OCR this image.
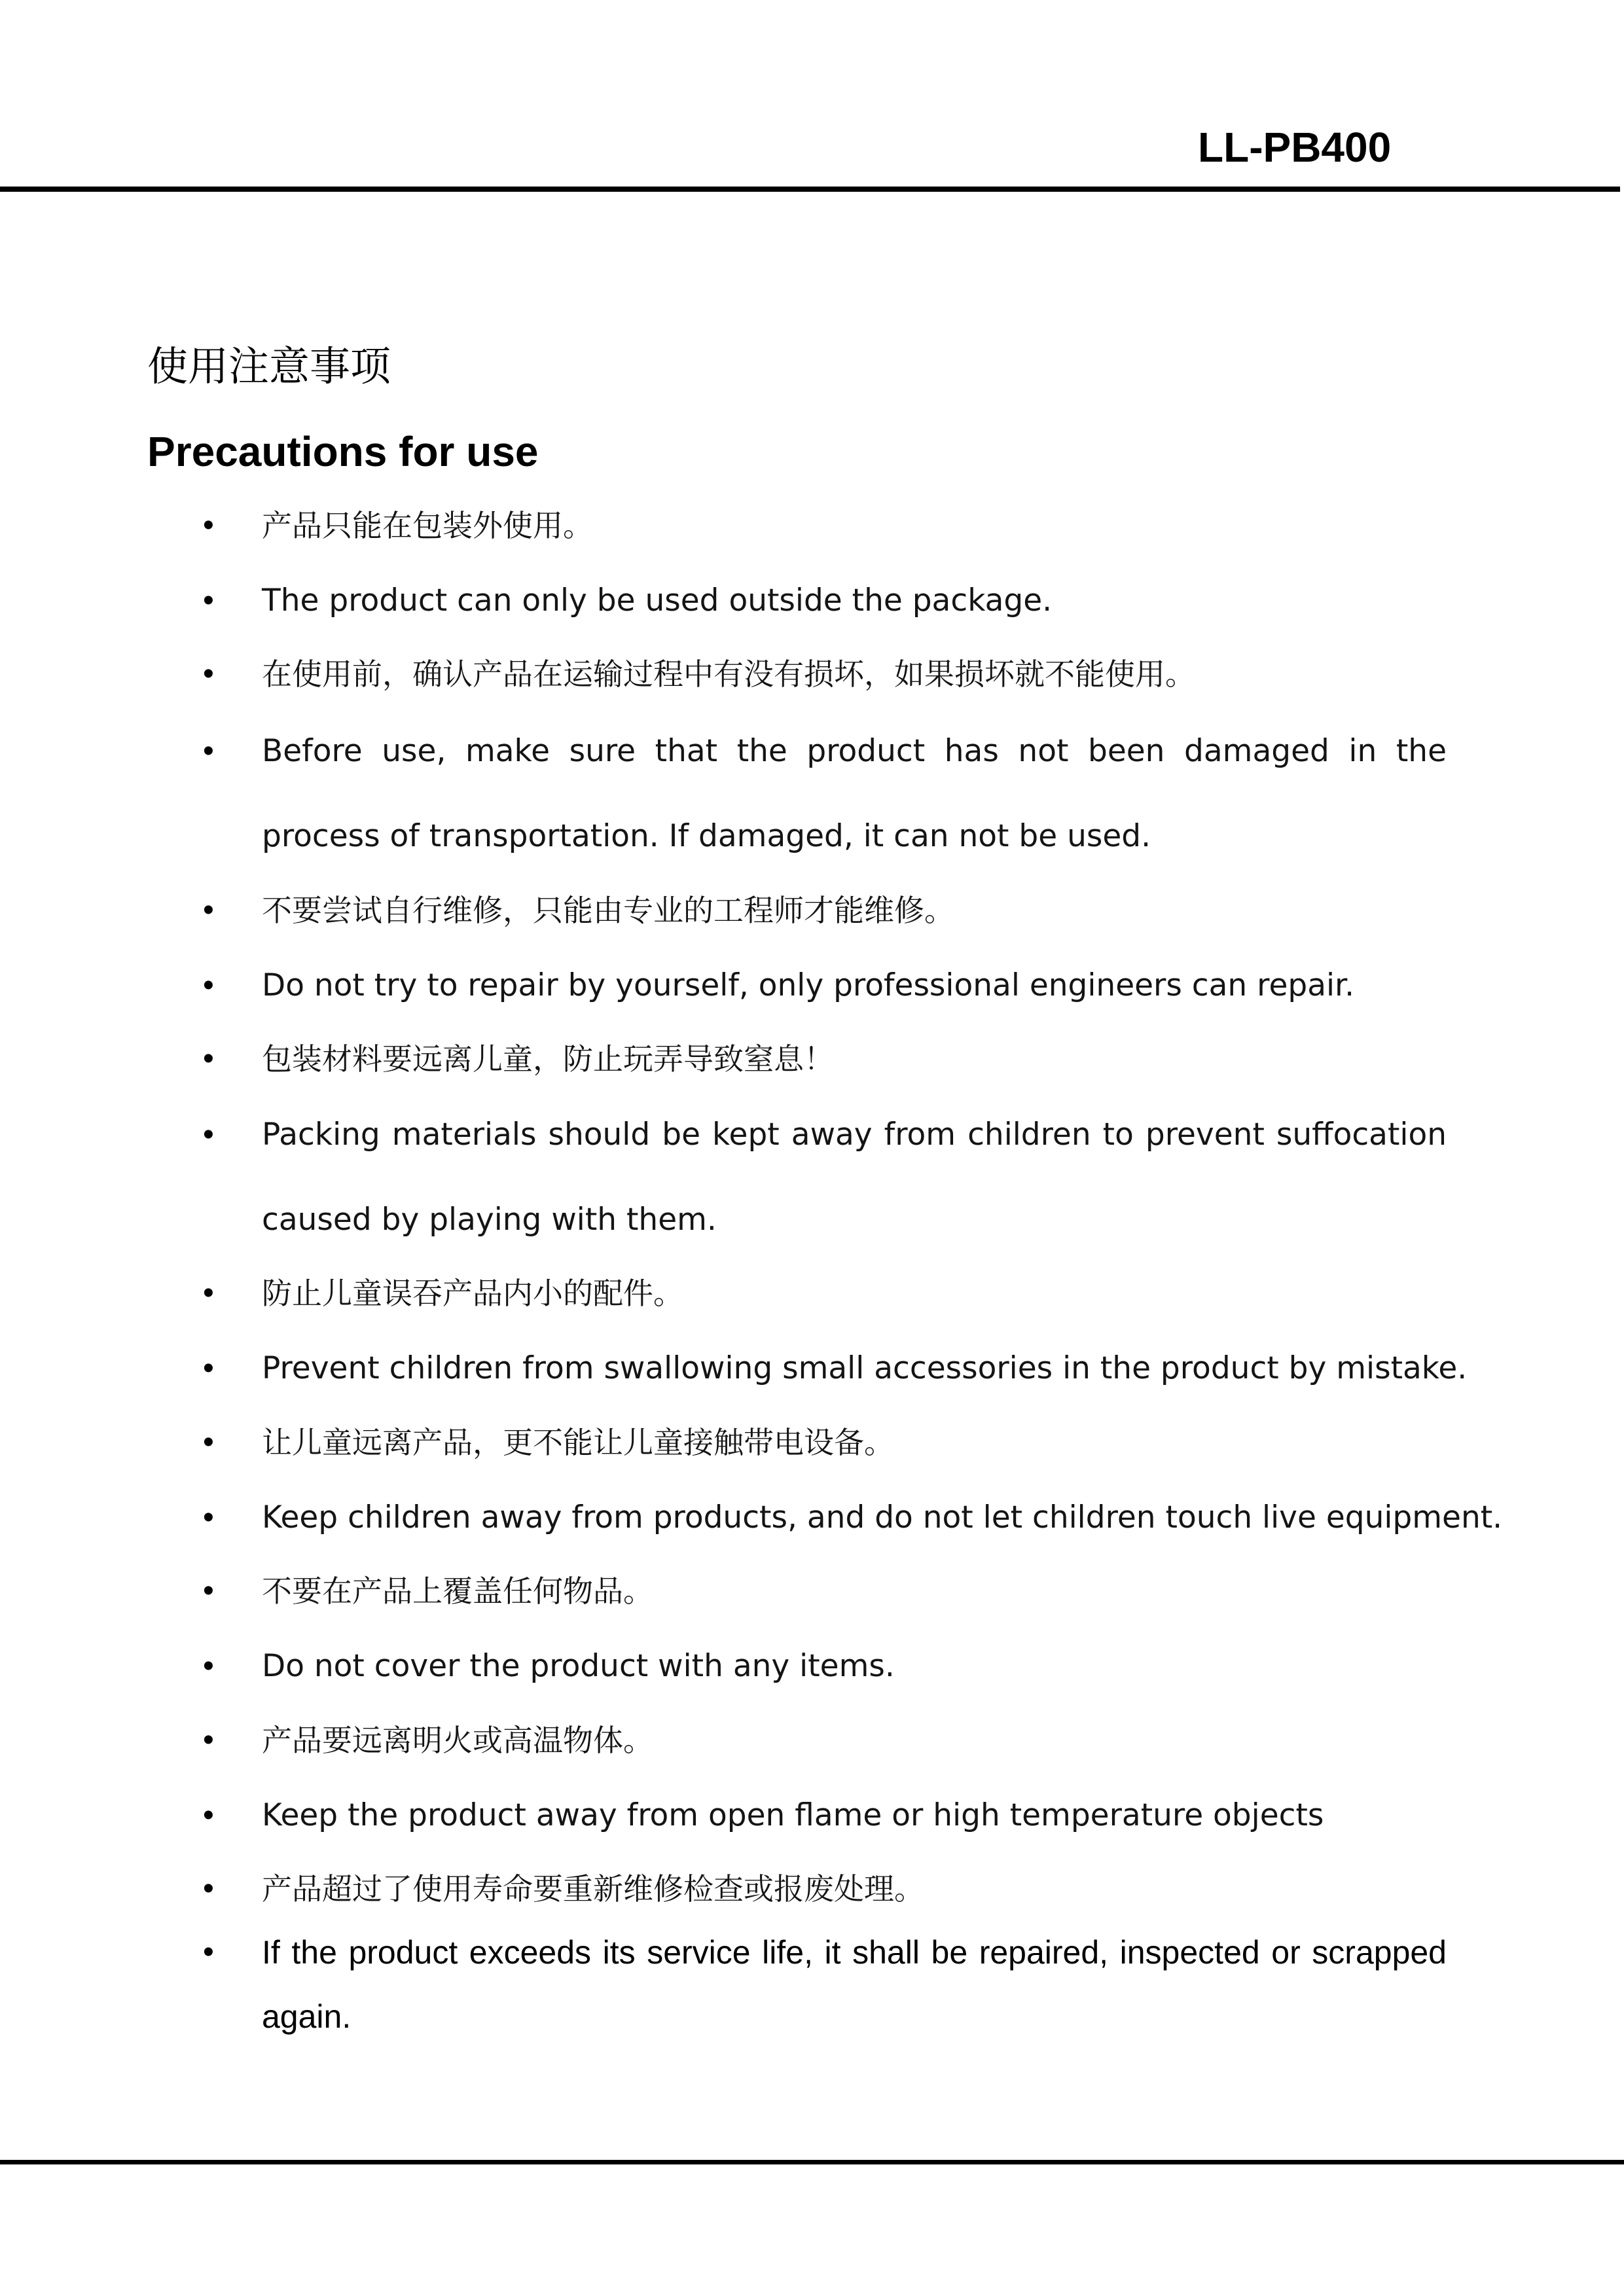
LL-PB400
使用注意事项
Precautions for use
• 产品只能在包装外使用。
• The product can only be used outside the package.
• 在使用前，确认产品在运输过程中有没有损坏，如果损坏就不能使用。
• Before use, make sure that the product has not been damaged in the process of transportation. If damaged, it can not be used.
• 不要尝试自行维修，只能由专业的工程师才能维修。
• Do not try to repair by yourself, only professional engineers can repair.
• 包装材料要远离儿童，防止玩弄导致窒息！
• Packing materials should be kept away from children to prevent suffocation caused by playing with them.
• 防止儿童误吞产品内小的配件。
• Prevent children from swallowing small accessories in the product by mistake.
• 让儿童远离产品，更不能让儿童接触带电设备。
• Keep children away from products, and do not let children touch live equipment.
• 不要在产品上覆盖任何物品。
• Do not cover the product with any items.
• 产品要远离明火或高温物体。
• Keep the product away from open flame or high temperature objects
• 产品超过了使用寿命要重新维修检查或报废处理。
• If the product exceeds its service life, it shall be repaired, inspected or scrapped again.
